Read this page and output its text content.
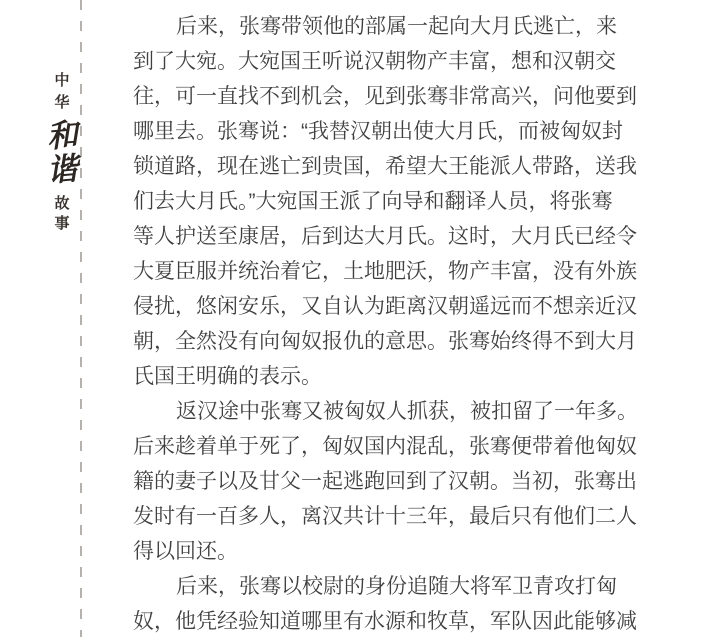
中
华
和
谐
故
事
后来，张骞带领他的部属一起向大月氏逃亡，来
到了大宛。大宛国王听说汉朝物产丰富，想和汉朝交
往，可一直找不到机会，见到张骞非常高兴，问他要到
哪里去。张骞说：“我替汉朝出使大月氏，而被匈奴封
锁道路，现在逃亡到贵国，希望大王能派人带路，送我
们去大月氏。”大宛国王派了向导和翻译人员，将张骞
等人护送至康居，后到达大月氏。这时，大月氏已经令
大夏臣服并统治着它，土地肥沃，物产丰富，没有外族
侵扰，悠闲安乐，又自认为距离汉朝遥远而不想亲近汉
朝，全然没有向匈奴报仇的意思。张骞始终得不到大月
氏国王明确的表示。
返汉途中张骞又被匈奴人抓获，被扣留了一年多。
后来趁着单于死了，匈奴国内混乱，张骞便带着他匈奴
籍的妻子以及甘父一起逃跑回到了汉朝。当初，张骞出
发时有一百多人，离汉共计十三年，最后只有他们二人
得以回还。
后来，张骞以校尉的身份追随大将军卫青攻打匈
奴，他凭经验知道哪里有水源和牧草，军队因此能够减
